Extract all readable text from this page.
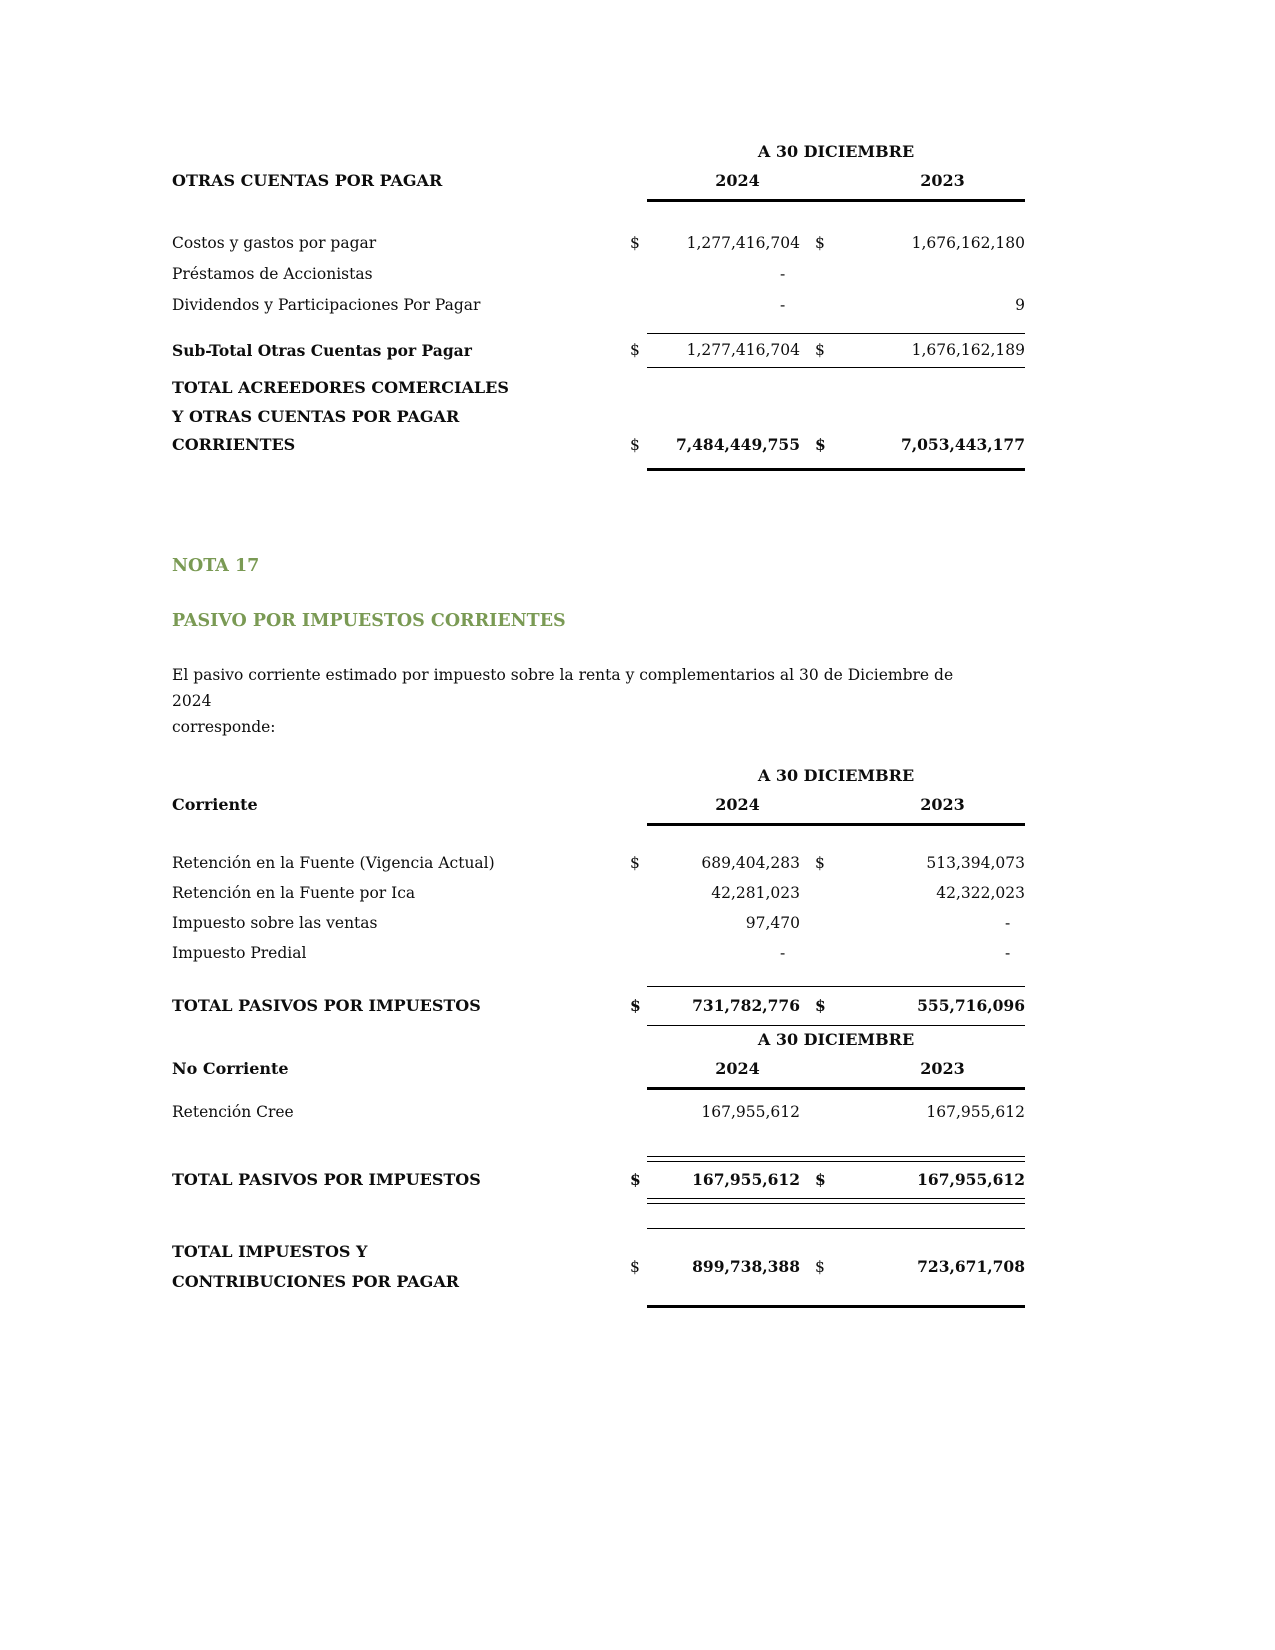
A 30 DICIEMBRE
OTRAS CUENTAS POR PAGAR	2024	2023
Costos y gastos por pagar	$	1,277,416,704 $	1,676,162,180
Préstamos de Accionistas	-
Dividendos y Participaciones Por Pagar	-	9
Sub-Total Otras Cuentas por Pagar	$	1,277,416,704 $	1,676,162,189
TOTAL ACREEDORES COMERCIALES
Y OTRAS CUENTAS POR PAGAR
CORRIENTES	$	7,484,449,755 $	7,053,443,177
NOTA 17
PASIVO POR IMPUESTOS CORRIENTES
El pasivo corriente estimado por impuesto sobre la renta y complementarios al 30 de Diciembre de
2024
corresponde:
A 30 DICIEMBRE
Corriente	2024	2023
Retención en la Fuente (Vigencia Actual)	$	689,404,283 $	513,394,073
Retención en la Fuente por Ica	42,281,023	42,322,023
Impuesto sobre las ventas	97,470	-
Impuesto Predial	-	-
TOTAL PASIVOS POR IMPUESTOS	$	731,782,776 $	555,716,096
A 30 DICIEMBRE
No Corriente	2024	2023
Retención Cree	167,955,612	167,955,612
TOTAL PASIVOS POR IMPUESTOS	$	167,955,612 $	167,955,612
TOTAL IMPUESTOS Y
CONTRIBUCIONES POR PAGAR
$	899,738,388 $	723,671,708
